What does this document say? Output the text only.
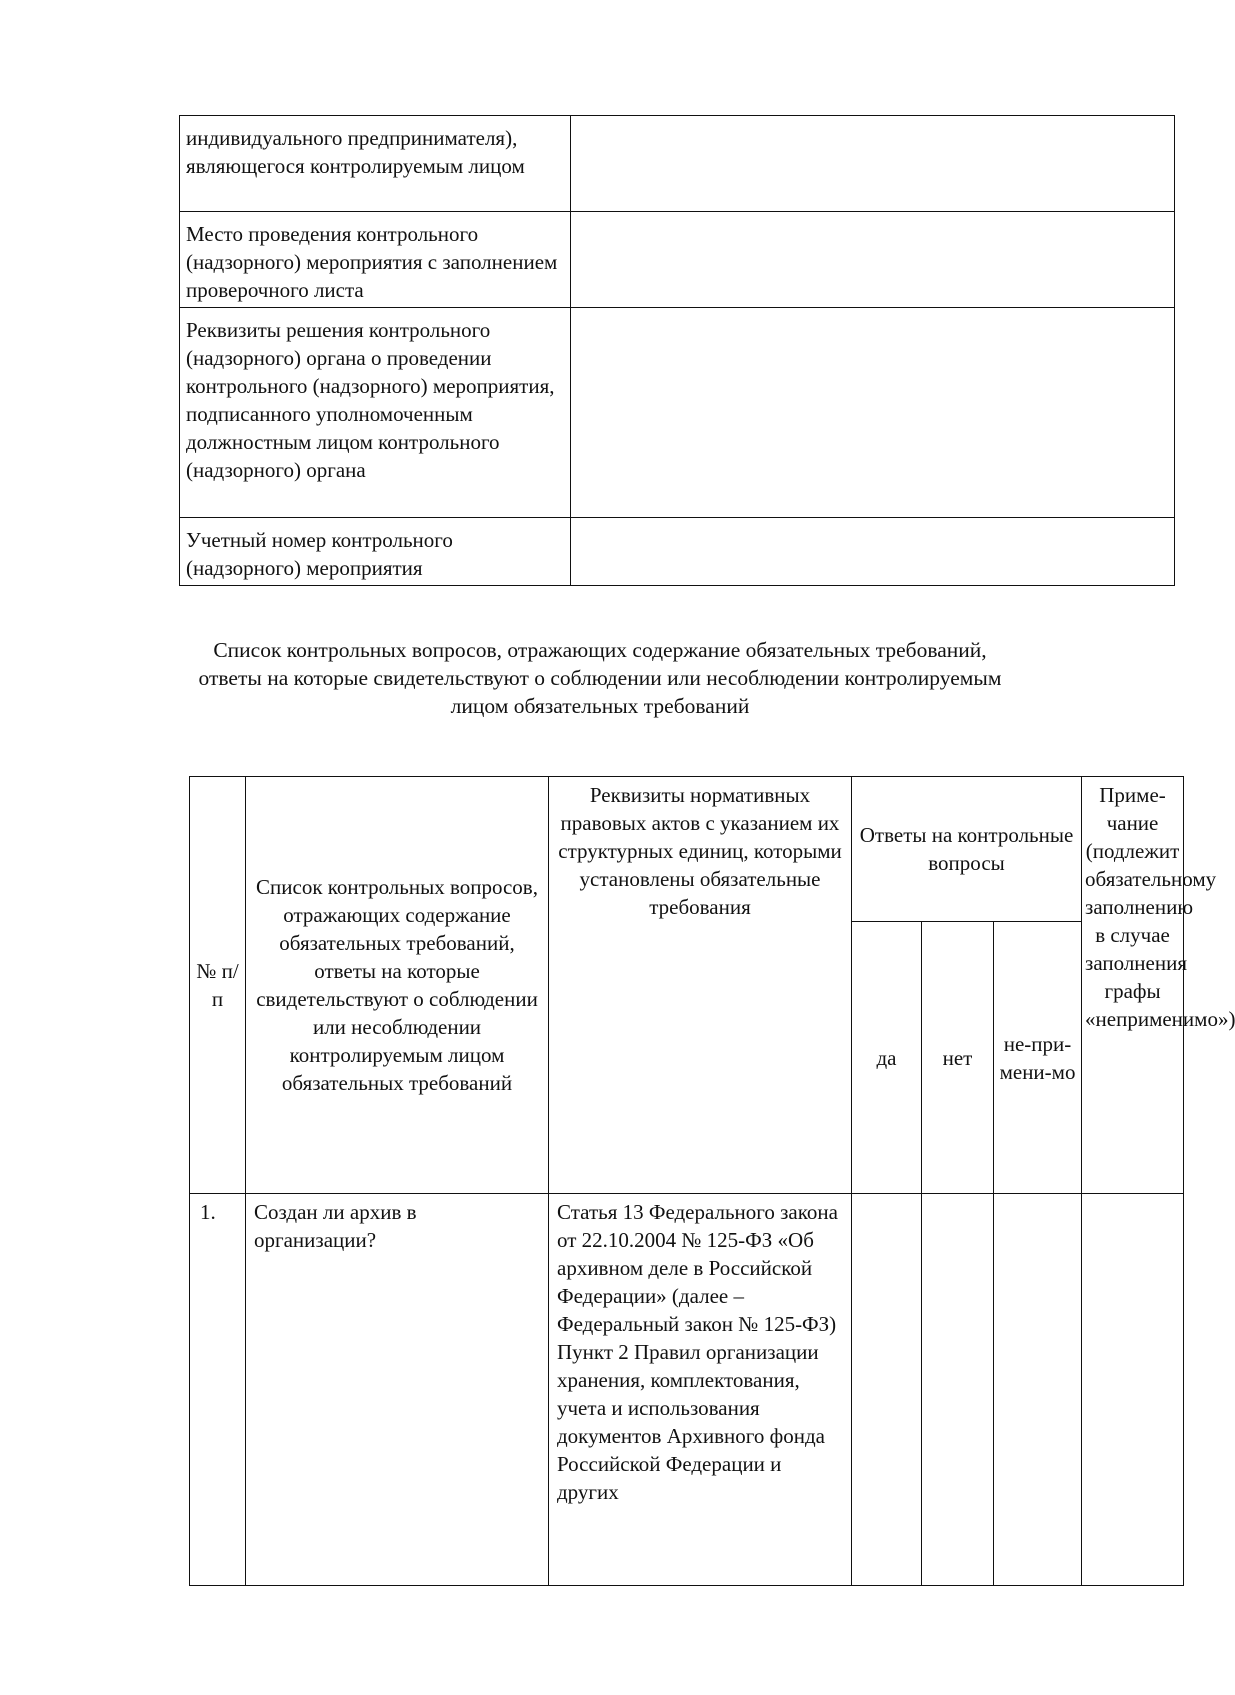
индивидуального предпринимателя), являющегося контролируемым лицом	
Место проведения контрольного (надзорного) мероприятия с заполнением проверочного листа	
Реквизиты решения контрольного (надзорного) органа о проведении контрольного (надзорного) мероприятия, подписанного уполномоченным должностным лицом контрольного (надзорного) органа	
Учетный номер контрольного (надзорного) мероприятия	
Список контрольных вопросов, отражающих содержание обязательных требований,
ответы на которые свидетельствуют о соблюдении или несоблюдении контролируемым
лицом обязательных требований
№ п/п	Список контрольных вопросов, отражающих содержание обязательных требований, ответы на которые свидетельствуют о соблюдении или несоблюдении контролируемым лицом обязательных требований	Реквизиты нормативных правовых актов с указанием их структурных единиц, которыми установлены обязательные требования	Ответы на контрольные вопросы			Приме-чание (подлежит обязательному заполнению в случае заполнения графы «неприменимо»)
			да	нет	не-при-мени-мо	
1.	Создан ли архив в организации?	Статья 13 Федерального закона от 22.10.2004 № 125-ФЗ «Об архивном деле в Российской Федерации» (далее – Федеральный закон № 125-ФЗ) Пункт 2 Правил организации хранения, комплектования, учета и использования документов Архивного фонда Российской Федерации и других				
